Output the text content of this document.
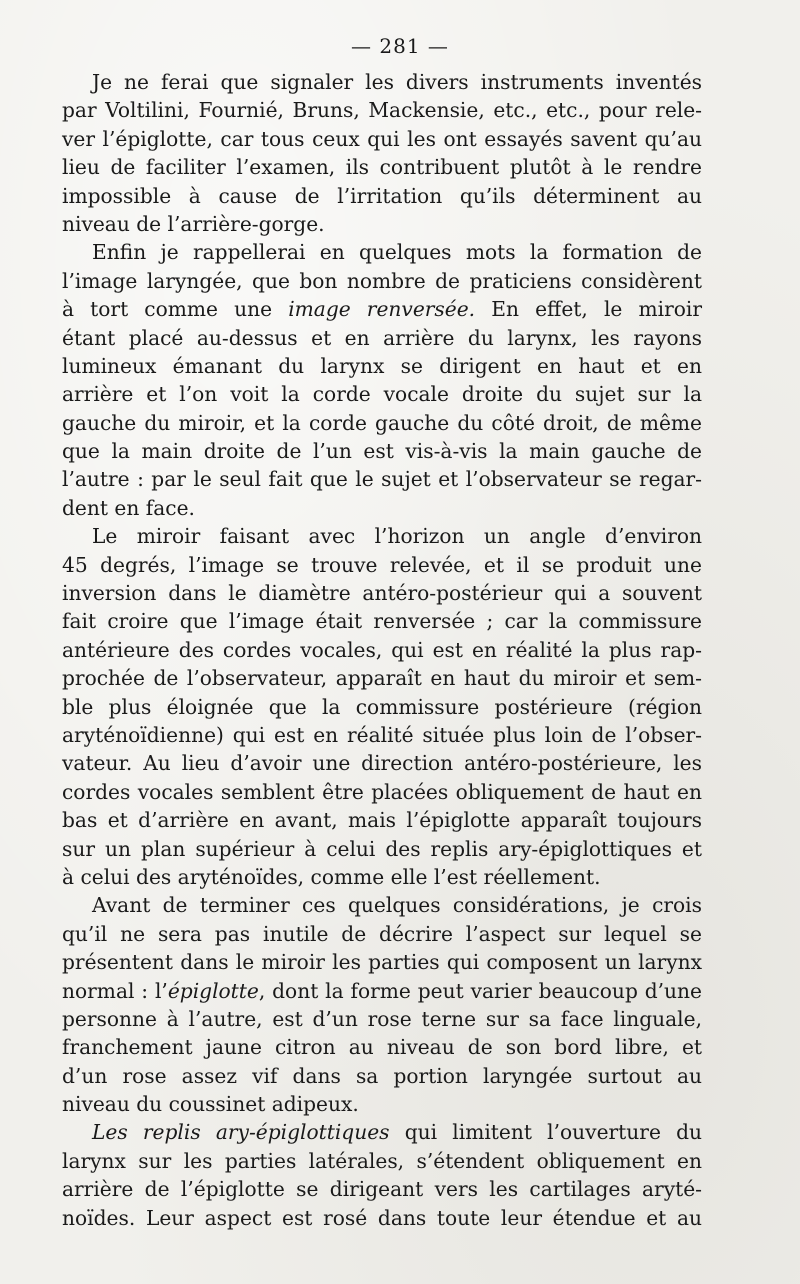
— 281 —
Je ne ferai que signaler les divers instruments inventés
par Voltilini, Fournié, Bruns, Mackensie, etc., etc., pour rele-
ver l’épiglotte, car tous ceux qui les ont essayés savent qu’au
lieu de faciliter l’examen, ils contribuent plutôt à le rendre
impossible à cause de l’irritation qu’ils déterminent au
niveau de l’arrière-gorge.
Enfin je rappellerai en quelques mots la formation de
l’image laryngée, que bon nombre de praticiens considèrent
à tort comme une image renversée. En effet, le miroir
étant placé au-dessus et en arrière du larynx, les rayons
lumineux émanant du larynx se dirigent en haut et en
arrière et l’on voit la corde vocale droite du sujet sur la
gauche du miroir, et la corde gauche du côté droit, de même
que la main droite de l’un est vis-à-vis la main gauche de
l’autre : par le seul fait que le sujet et l’observateur se regar-
dent en face.
Le miroir faisant avec l’horizon un angle d’environ
45 degrés, l’image se trouve relevée, et il se produit une
inversion dans le diamètre antéro-postérieur qui a souvent
fait croire que l’image était renversée ; car la commissure
antérieure des cordes vocales, qui est en réalité la plus rap-
prochée de l’observateur, apparaît en haut du miroir et sem-
ble plus éloignée que la commissure postérieure (région
aryténoïdienne) qui est en réalité située plus loin de l’obser-
vateur. Au lieu d’avoir une direction antéro-postérieure, les
cordes vocales semblent être placées obliquement de haut en
bas et d’arrière en avant, mais l’épiglotte apparaît toujours
sur un plan supérieur à celui des replis ary-épiglottiques et
à celui des aryténoïdes, comme elle l’est réellement.
Avant de terminer ces quelques considérations, je crois
qu’il ne sera pas inutile de décrire l’aspect sur lequel se
présentent dans le miroir les parties qui composent un larynx
normal : l’épiglotte, dont la forme peut varier beaucoup d’une
personne à l’autre, est d’un rose terne sur sa face linguale,
franchement jaune citron au niveau de son bord libre, et
d’un rose assez vif dans sa portion laryngée surtout au
niveau du coussinet adipeux.
Les replis ary-épiglottiques qui limitent l’ouverture du
larynx sur les parties latérales, s’étendent obliquement en
arrière de l’épiglotte se dirigeant vers les cartilages aryté-
noïdes. Leur aspect est rosé dans toute leur étendue et au
